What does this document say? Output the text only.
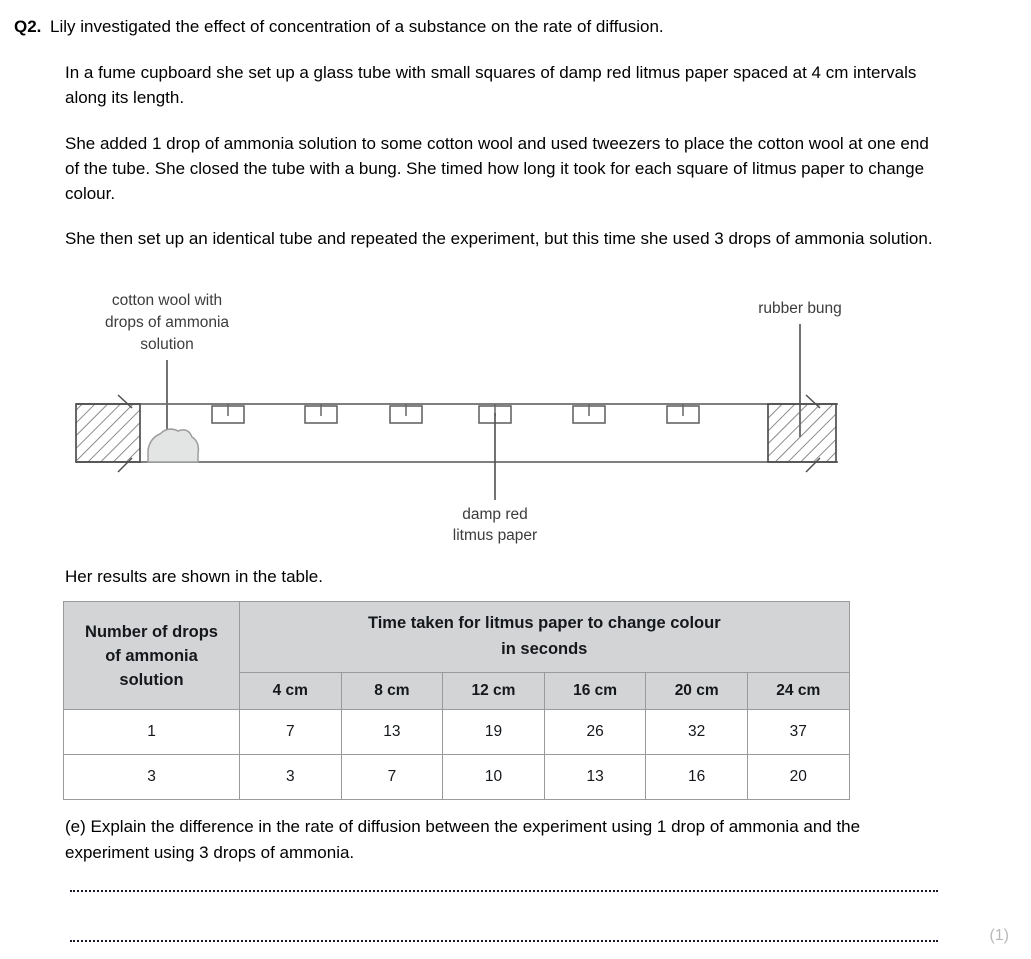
Q2. Lily investigated the effect of concentration of a substance on the rate of diffusion.
In a fume cupboard she set up a glass tube with small squares of damp red litmus paper spaced at 4 cm intervals along its length.
She added 1 drop of ammonia solution to some cotton wool and used tweezers to place the cotton wool at one end of the tube. She closed the tube with a bung. She timed how long it took for each square of litmus paper to change colour.
She then set up an identical tube and repeated the experiment, but this time she used 3 drops of ammonia solution.
cotton wool with
drops of ammonia
solution
rubber bung
damp red
litmus paper
Her results are shown in the table.
Number of drops
of ammonia
solution

Time taken for litmus paper to change colour
in seconds

	4 cm	8 cm	12 cm	16 cm	20 cm	24 cm
1	7	13	19	26	32	37
3	3	7	10	13	16	20
(e) Explain the difference in the rate of diffusion between the experiment using 1 drop of ammonia and the experiment using 3 drops of ammonia.
(1)
